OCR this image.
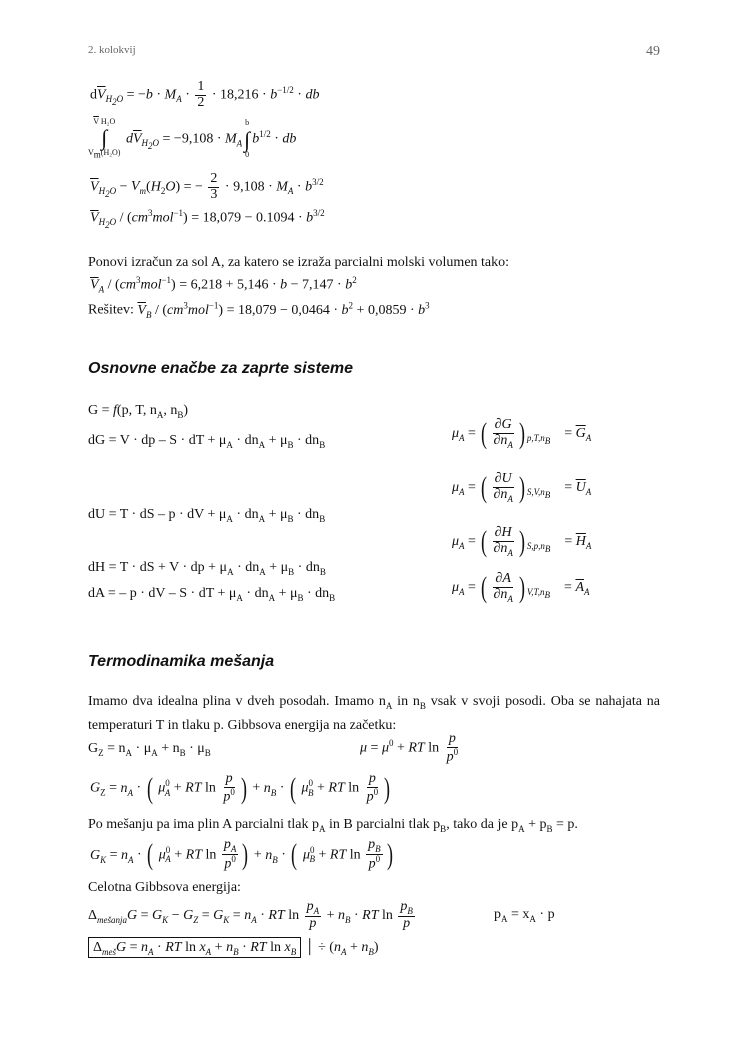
2. kolokvij	49
$d\overline{V}_{H_2O} = -b \cdot M_A \cdot \frac{1}{2} \cdot 18,216 \cdot b^{-1/2}$ · db
$\overline{V}$ H₂O
∫
$V_m(H_2O)$
$d\overline{V}_{H_2O} = -9,108 \cdot M_A$
b
∫
0
$b^{1/2}$ · db
$\overline{V}_{H_2O} - V_m(H_2O)$ = − $\frac{2}{3} \cdot 9,108 \cdot M_A \cdot b^{3/2}$
$\overline{V}_{H_2O} / (cm^3mol^{-1}) = 18,079 - 0.1094 \cdot b^{3/2}$
Ponovi izračun za sol A, za katero se izraža parcialni molski volumen tako:
$\overline{V}_A / (cm^3mol^{-1}) = 6,218 + 5,146 \cdot b - 7,147 \cdot b^2$
Rešitev: $\overline{V}_B / (cm^3mol^{-1}) = 18,079 - 0,0464 \cdot b^2 + 0,0859 \cdot b^3$
Osnovne enačbe za zaprte sisteme
G = f(p, T, $n_A$, $n_B$)
dG = V · dp – S · dT + $\mu_A \cdot dn_A + \mu_B \cdot dn_B$
dU = T · dS – p · dV + $\mu_A \cdot dn_A + \mu_B \cdot dn_B$
dH = T · dS + V · dp + $\mu_A \cdot dn_A + \mu_B \cdot dn_B$
dA = – p · dV – S · dT + $\mu_A \cdot dn_A + \mu_B \cdot dn_B$
$\mu_A$ = ( $\frac{\partial G}{\partial n_A}$ ) $_{p,T,n_B}$    = $\overline{G}_A$
$\mu_A$ = ( $\frac{\partial U}{\partial n_A}$ ) $_{S,V,n_B}$    = $\overline{U}_A$
$\mu_A$ = ( $\frac{\partial H}{\partial n_A}$ ) $_{S,p,n_B}$    = $\overline{H}_A$
$\mu_A$ = ( $\frac{\partial A}{\partial n_A}$ ) $_{V,T,n_B}$    = $\overline{A}_A$
Termodinamika mešanja
Imamo dva idealna plina v dveh posodah. Imamo $n_A$ in $n_B$ vsak v svoji posodi. Oba se nahajata na temperaturi T in tlaku p. Gibbsova energija na začetku:
$G_Z = n_A \cdot \mu_A + n_B \cdot \mu_B$	$\mu = \mu^0$ + RT $\ln \frac{p}{p^0}$
$G_Z = n_A$ · ( $\mu^0_A$ + RT $\ln \frac{p}{p^0}$ ) + $n_B$ · ( $\mu^0_B$ + RT $\ln \frac{p}{p^0}$ )
Po mešanju pa ima plin A parcialni tlak $p_A$ in B parcialni tlak $p_B$, tako da je $p_A + p_B = p$.
$G_K = n_A$ · ( $\mu^0_A$ + RT $\ln \frac{p_A}{p^0}$ ) + $n_B$ · ( $\mu^0_B$ + RT $\ln \frac{p_B}{p^0}$ )
Celotna Gibbsova energija:
$\Delta_{mešanja}G = G_K - G_Z = G_K = n_A$ · RT $\ln \frac{p_A}{p} + n_B$ · RT $\ln \frac{p_B}{p}$	$p_A = x_A \cdot p$
$\Delta_{meš}G = n_A$ · RT $\ln x_A + n_B$ · RT $\ln x_B$ │ ÷ $(n_A + n_B)$
